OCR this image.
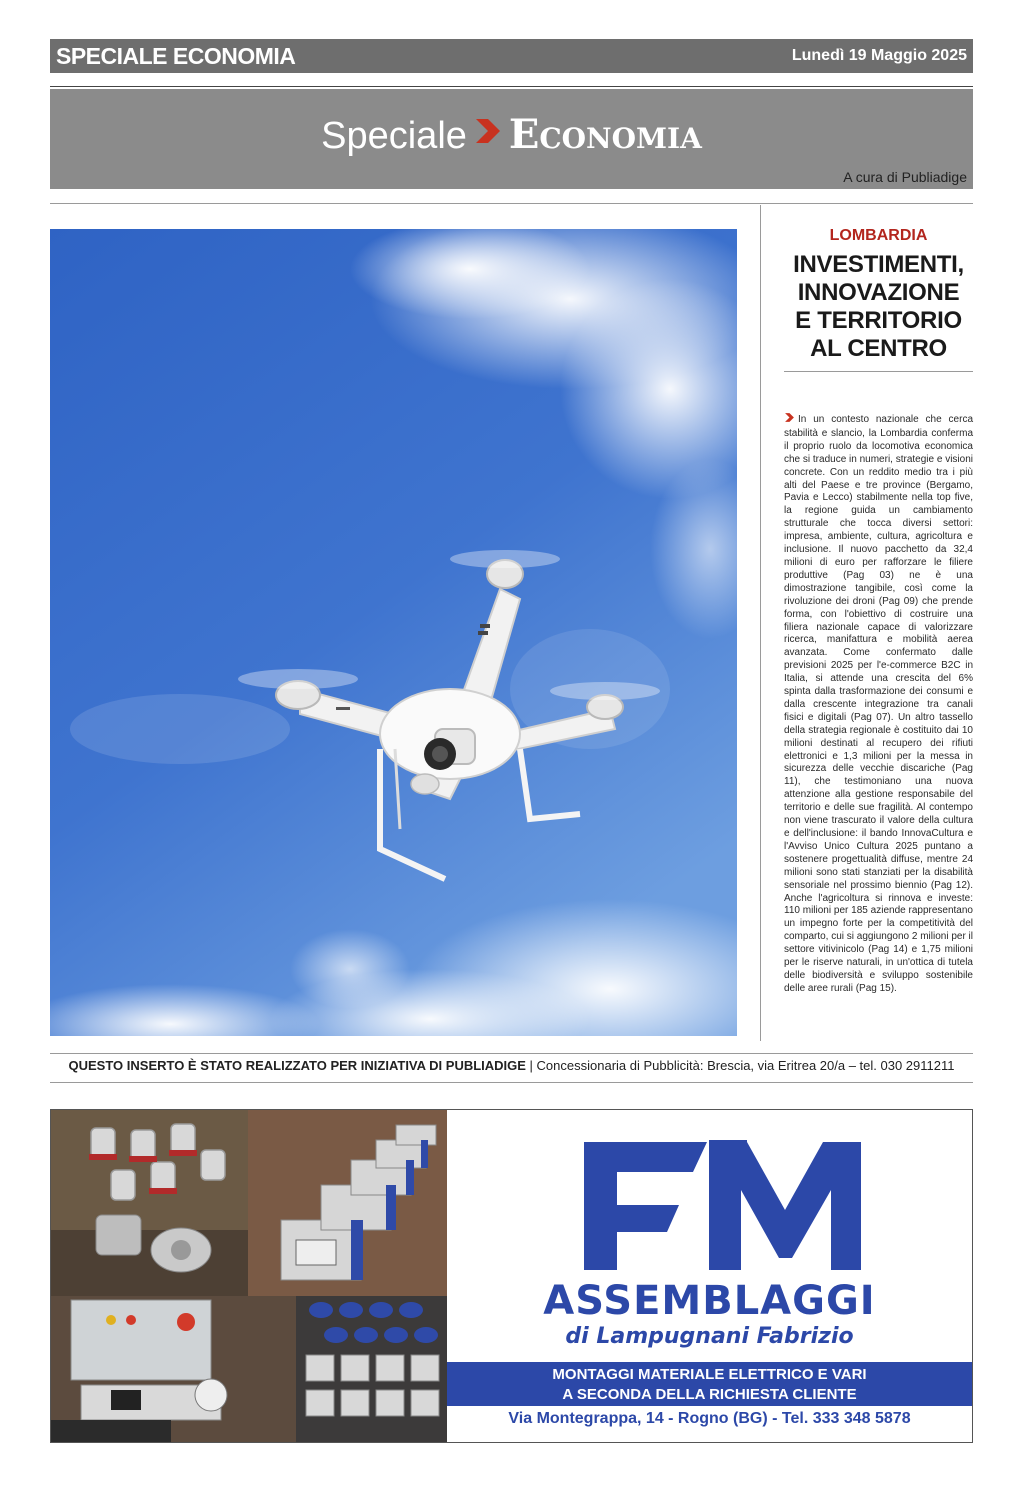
SPECIALE ECONOMIA	Lunedì 19 Maggio 2025
Speciale Economia
A cura di Publiadige
LOMBARDIA
INVESTIMENTI,
INNOVAZIONE
E TERRITORIO
AL CENTRO
In un contesto nazionale che cerca stabilità e slancio, la Lombardia conferma il proprio ruolo da locomotiva economica che si traduce in numeri, strategie e visioni concrete. Con un reddito medio tra i più alti del Paese e tre province (Bergamo, Pavia e Lecco) stabilmente nella top five, la regione guida un cambiamento strutturale che tocca diversi settori: impresa, ambiente, cultura, agricoltura e inclusione. Il nuovo pacchetto da 32,4 milioni di euro per rafforzare le filiere produttive (Pag 03) ne è una dimostrazione tangibile, così come la rivoluzione dei droni (Pag 09) che prende forma, con l'obiettivo di costruire una filiera nazionale capace di valorizzare ricerca, manifattura e mobilità aerea avanzata. Come confermato dalle previsioni 2025 per l'e-commerce B2C in Italia, si attende una crescita del 6% spinta dalla trasformazione dei consumi e dalla crescente integrazione tra canali fisici e digitali (Pag 07). Un altro tassello della strategia regionale è costituito dai 10 milioni destinati al recupero dei rifiuti elettronici e 1,3 milioni per la messa in sicurezza delle vecchie discariche (Pag 11), che testimoniano una nuova attenzione alla gestione responsabile del territorio e delle sue fragilità. Al contempo non viene trascurato il valore della cultura e dell'inclusione: il bando InnovaCultura e l'Avviso Unico Cultura 2025 puntano a sostenere progettualità diffuse, mentre 24 milioni sono stati stanziati per la disabilità sensoriale nel prossimo biennio (Pag 12). Anche l'agricoltura si rinnova e investe: 110 milioni per 185 aziende rappresentano un impegno forte per la competitività del comparto, cui si aggiungono 2 milioni per il settore vitivinicolo (Pag 14) e 1,75 milioni per le riserve naturali, in un'ottica di tutela delle biodiversità e sviluppo sostenibile delle aree rurali (Pag 15).
QUESTO INSERTO È STATO REALIZZATO PER INIZIATIVA DI PUBLIADIGE | Concessionaria di Pubblicità: Brescia, via Eritrea 20/a – tel. 030 2911211
ASSEMBLAGGI
di Lampugnani Fabrizio
MONTAGGI MATERIALE ELETTRICO E VARI
A SECONDA DELLA RICHIESTA CLIENTE
Via Montegrappa, 14 - Rogno (BG) - Tel. 333 348 5878
